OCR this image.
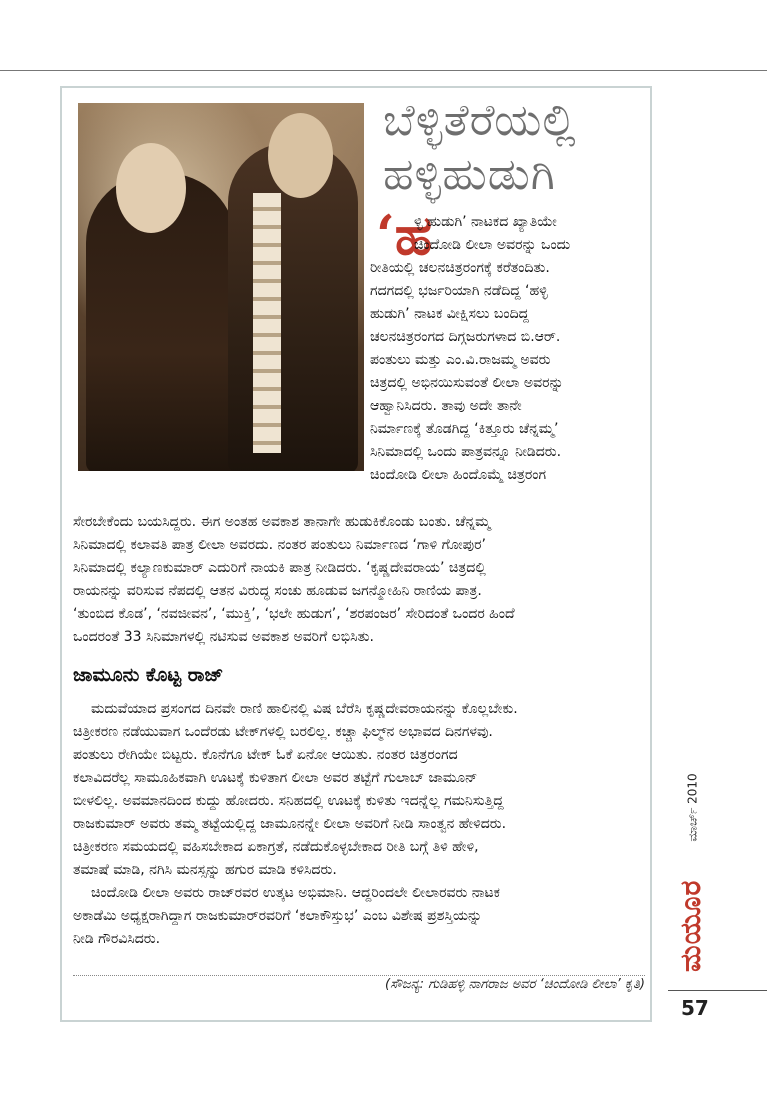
ಬೆಳ್ಳಿತೆರೆಯಲ್ಲಿ
ಹಳ್ಳಿಹುಡುಗಿ
‘ಹ
ಳ್ಳಿ ಹುಡುಗಿ’ ನಾಟಕದ ಖ್ಯಾತಿಯೇ
ಚಿಂದೋಡಿ ಲೀಲಾ ಅವರನ್ನು ಒಂದು
ರೀತಿಯಲ್ಲಿ ಚಲನಚಿತ್ರರಂಗಕ್ಕೆ ಕರೆತಂದಿತು.
ಗದಗದಲ್ಲಿ ಭರ್ಜರಿಯಾಗಿ ನಡೆದಿದ್ದ ‘ಹಳ್ಳಿ
ಹುಡುಗಿ’ ನಾಟಕ ವೀಕ್ಷಿಸಲು ಬಂದಿದ್ದ
ಚಲನಚಿತ್ರರಂಗದ ದಿಗ್ಗಜರುಗಳಾದ ಬಿ.ಆರ್.
ಪಂತುಲು ಮತ್ತು ಎಂ.ವಿ.ರಾಜಮ್ಮ ಅವರು
ಚಿತ್ರದಲ್ಲಿ ಅಭಿನಯಿಸುವಂತೆ ಲೀಲಾ ಅವರನ್ನು
ಆಹ್ವಾನಿಸಿದರು. ತಾವು ಅದೇ ತಾನೇ
ನಿರ್ಮಾಣಕ್ಕೆ ತೊಡಗಿದ್ದ ‘ಕಿತ್ತೂರು ಚೆನ್ನಮ್ಮ’
ಸಿನಿಮಾದಲ್ಲಿ ಒಂದು ಪಾತ್ರವನ್ನೂ ನೀಡಿದರು.
ಚಿಂದೋಡಿ ಲೀಲಾ ಹಿಂದೊಮ್ಮೆ ಚಿತ್ರರಂಗ
ಸೇರಬೇಕೆಂದು ಬಯಸಿದ್ದರು. ಈಗ ಅಂತಹ ಅವಕಾಶ ತಾನಾಗೇ ಹುಡುಕಿಕೊಂಡು ಬಂತು. ಚೆನ್ನಮ್ಮ
ಸಿನಿಮಾದಲ್ಲಿ ಕಲಾವತಿ ಪಾತ್ರ ಲೀಲಾ ಅವರದು. ನಂತರ ಪಂತುಲು ನಿರ್ಮಾಣದ ‘ಗಾಳಿ ಗೋಪುರ’
ಸಿನಿಮಾದಲ್ಲಿ ಕಲ್ಯಾಣಕುಮಾರ್ ಎದುರಿಗೆ ನಾಯಕಿ ಪಾತ್ರ ನೀಡಿದರು. ‘ಕೃಷ್ಣದೇವರಾಯ’ ಚಿತ್ರದಲ್ಲಿ
ರಾಯನನ್ನು ವರಿಸುವ ನೆಪದಲ್ಲಿ ಆತನ ವಿರುದ್ಧ ಸಂಚು ಹೂಡುವ ಜಗನ್ಮೋಹಿನಿ ರಾಣಿಯ ಪಾತ್ರ.
‘ತುಂಬಿದ ಕೊಡ’, ‘ನವಜೀವನ’, ‘ಮುಕ್ತಿ’, ‘ಭಲೇ ಹುಡುಗ’, ‘ಶರಪಂಜರ’ ಸೇರಿದಂತೆ ಒಂದರ ಹಿಂದೆ
ಒಂದರಂತೆ 33 ಸಿನಿಮಾಗಳಲ್ಲಿ ನಟಿಸುವ ಅವಕಾಶ ಅವರಿಗೆ ಲಭಿಸಿತು.
ಜಾಮೂನು ಕೊಟ್ಟ ರಾಜ್
ಮದುವೆಯಾದ ಪ್ರಸಂಗದ ದಿನವೇ ರಾಣಿ ಹಾಲಿನಲ್ಲಿ ವಿಷ ಬೆರೆಸಿ ಕೃಷ್ಣದೇವರಾಯನನ್ನು ಕೊಲ್ಲಬೇಕು.
ಚಿತ್ರೀಕರಣ ನಡೆಯುವಾಗ ಒಂದೆರಡು ಟೇಕ್‌ಗಳಲ್ಲಿ ಬರಲಿಲ್ಲ. ಕಚ್ಚಾ ಫಿಲ್ಮ್‌ನ ಅಭಾವದ ದಿನಗಳವು.
ಪಂತುಲು ರೇಗಿಯೇ ಬಿಟ್ಟರು. ಕೊನೆಗೂ ಟೇಕ್ ಓಕೆ ಏನೋ ಆಯಿತು. ನಂತರ ಚಿತ್ರರಂಗದ
ಕಲಾವಿದರೆಲ್ಲ ಸಾಮೂಹಿಕವಾಗಿ ಊಟಕ್ಕೆ ಕುಳಿತಾಗ ಲೀಲಾ ಅವರ ತಟ್ಟೆಗೆ ಗುಲಾಬ್ ಜಾಮೂನ್
ಬೀಳಲಿಲ್ಲ. ಅವಮಾನದಿಂದ ಕುದ್ದು ಹೋದರು. ಸನಿಹದಲ್ಲಿ ಊಟಕ್ಕೆ ಕುಳಿತು ಇದನ್ನೆಲ್ಲ ಗಮನಿಸುತ್ತಿದ್ದ
ರಾಜಕುಮಾರ್ ಅವರು ತಮ್ಮ ತಟ್ಟೆಯಲ್ಲಿದ್ದ ಜಾಮೂನನ್ನೇ ಲೀಲಾ ಅವರಿಗೆ ನೀಡಿ ಸಾಂತ್ವನ ಹೇಳಿದರು.
ಚಿತ್ರೀಕರಣ ಸಮಯದಲ್ಲಿ ವಹಿಸಬೇಕಾದ ಏಕಾಗ್ರತೆ, ನಡೆದುಕೊಳ್ಳಬೇಕಾದ ರೀತಿ ಬಗ್ಗೆ ತಿಳಿ ಹೇಳಿ,
ತಮಾಷೆ ಮಾಡಿ, ನಗಿಸಿ ಮನಸ್ಸನ್ನು ಹಗುರ ಮಾಡಿ ಕಳಿಸಿದರು.
ಚಿಂದೋಡಿ ಲೀಲಾ ಅವರು ರಾಜ್‌ರವರ ಉತ್ಕಟ ಅಭಿಮಾನಿ. ಆದ್ದರಿಂದಲೇ ಲೀಲಾರವರು ನಾಟಕ
ಅಕಾಡೆಮಿ ಅಧ್ಯಕ್ಷರಾಗಿದ್ದಾಗ ರಾಜಕುಮಾರ್‌ರವರಿಗೆ ‘ಕಲಾಕೌಸ್ತುಭ’ ಎಂಬ ವಿಶೇಷ ಪ್ರಶಸ್ತಿಯನ್ನು
ನೀಡಿ ಗೌರವಿಸಿದರು.
(ಸೌಜನ್ಯ: ಗುಡಿಹಳ್ಳಿ ನಾಗರಾಜ ಅವರ ‘ಚಿಂದೋಡಿ ಲೀಲಾ’ ಕೃತಿ)
ಮಾರ್ಚ್ 2010
ಮಯೂರ
57
